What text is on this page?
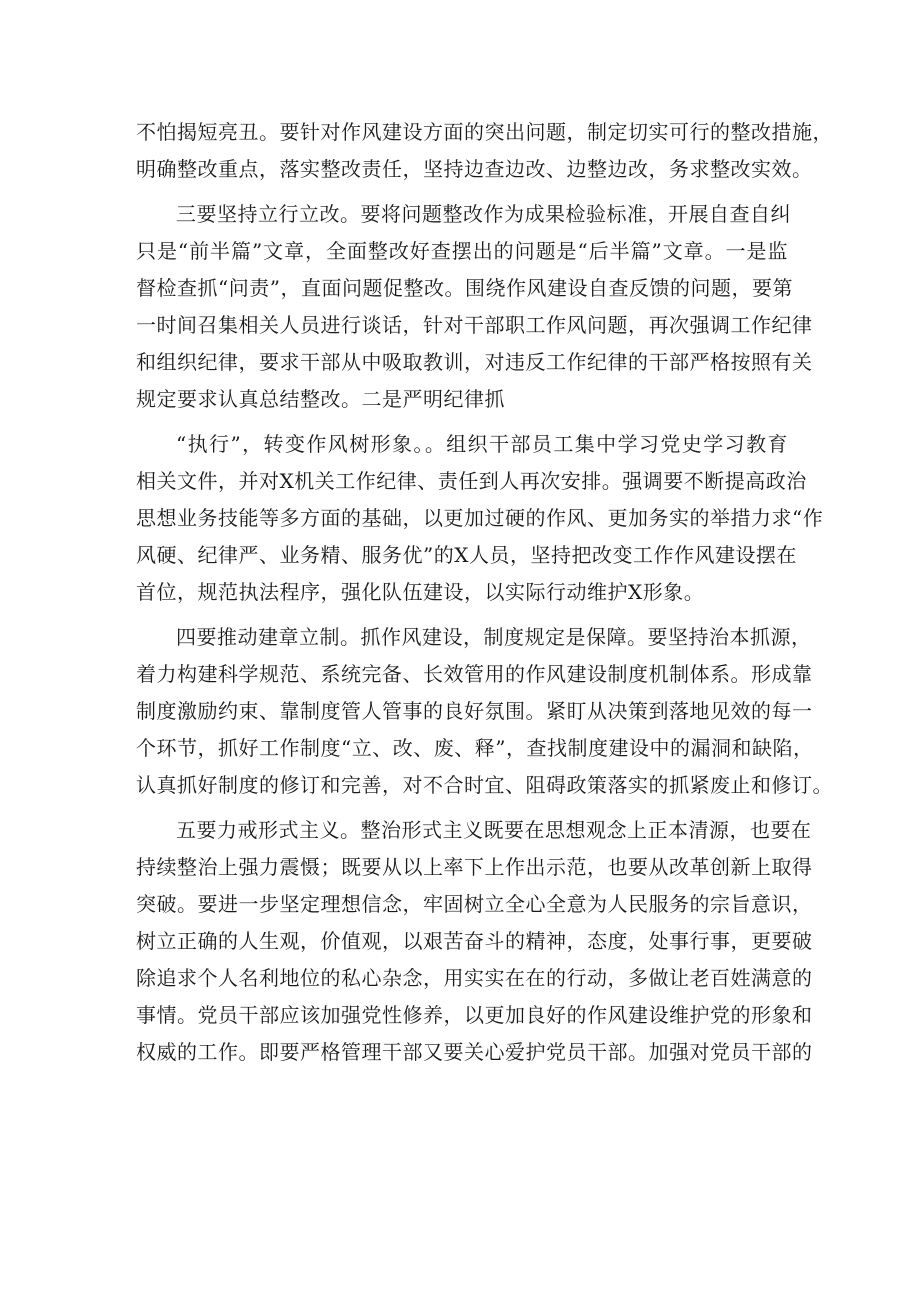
不怕揭短亮丑。要针对作风建设方面的突出问题，制定切实可行的整改措施，
明确整改重点，落实整改责任，坚持边查边改、边整边改，务求整改实效。
三要坚持立行立改。要将问题整改作为成果检验标准，开展自查自纠
只是“前半篇”文章，全面整改好查摆出的问题是“后半篇”文章。一是监
督检查抓“问责”，直面问题促整改。围绕作风建设自查反馈的问题，要第
一时间召集相关人员进行谈话，针对干部职工作风问题，再次强调工作纪律
和组织纪律，要求干部从中吸取教训，对违反工作纪律的干部严格按照有关
规定要求认真总结整改。二是严明纪律抓
“执行”，转变作风树形象。。组织干部员工集中学习党史学习教育
相关文件，并对X机关工作纪律、责任到人再次安排。强调要不断提高政治
思想业务技能等多方面的基础，以更加过硬的作风、更加务实的举措力求“作
风硬、纪律严、业务精、服务优”的X人员，坚持把改变工作作风建设摆在
首位，规范执法程序，强化队伍建设，以实际行动维护X形象。
四要推动建章立制。抓作风建设，制度规定是保障。要坚持治本抓源，
着力构建科学规范、系统完备、长效管用的作风建设制度机制体系。形成靠
制度激励约束、靠制度管人管事的良好氛围。紧盯从决策到落地见效的每一
个环节，抓好工作制度“立、改、废、释”，查找制度建设中的漏洞和缺陷，
认真抓好制度的修订和完善，对不合时宜、阻碍政策落实的抓紧废止和修订。
五要力戒形式主义。整治形式主义既要在思想观念上正本清源，也要在
持续整治上强力震慑；既要从以上率下上作出示范，也要从改革创新上取得
突破。要进一步坚定理想信念，牢固树立全心全意为人民服务的宗旨意识，
树立正确的人生观，价值观，以艰苦奋斗的精神，态度，处事行事，更要破
除追求个人名利地位的私心杂念，用实实在在的行动，多做让老百姓满意的
事情。党员干部应该加强党性修养，以更加良好的作风建设维护党的形象和
权威的工作。即要严格管理干部又要关心爱护党员干部。加强对党员干部的
